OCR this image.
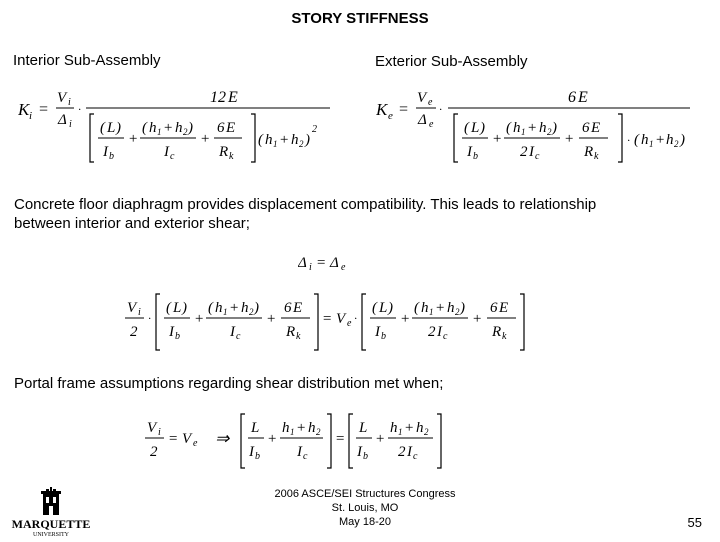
STORY STIFFNESS
Interior Sub-Assembly	Exterior Sub-Assembly
K i =
V i
Δ i
·
12 E
( L )
I b
+
( h 1 + h 2 )
I c
+
6 E
R k
( h 1 + h 2 )
2
K e =
V e
Δ e
·
6 E
( L )
I b
+
( h 1 + h 2 )
2 I c
+
6 E
R k
· ( h 1 + h 2 )
Concrete floor diaphragm provides displacement compatibility. This leads to relationship between interior and exterior shear;
Δ i = Δ e
V i
2
·
( L )
I b
+
( h 1 + h 2 )
I c
+
6 E
R k
= V e ·
( L )
I b
+
( h 1 + h 2 )
2 I c
+
6 E
R k
Portal frame assumptions regarding shear distribution met when;
V i
2
= V e ⇒
L
I b
+
h 1 + h 2
I c
=
L
I b
+
h 1 + h 2
2 I c
MARQUETTE
UNIVERSITY
2006 ASCE/SEI Structures Congress
St. Louis, MO
May 18-20	55
